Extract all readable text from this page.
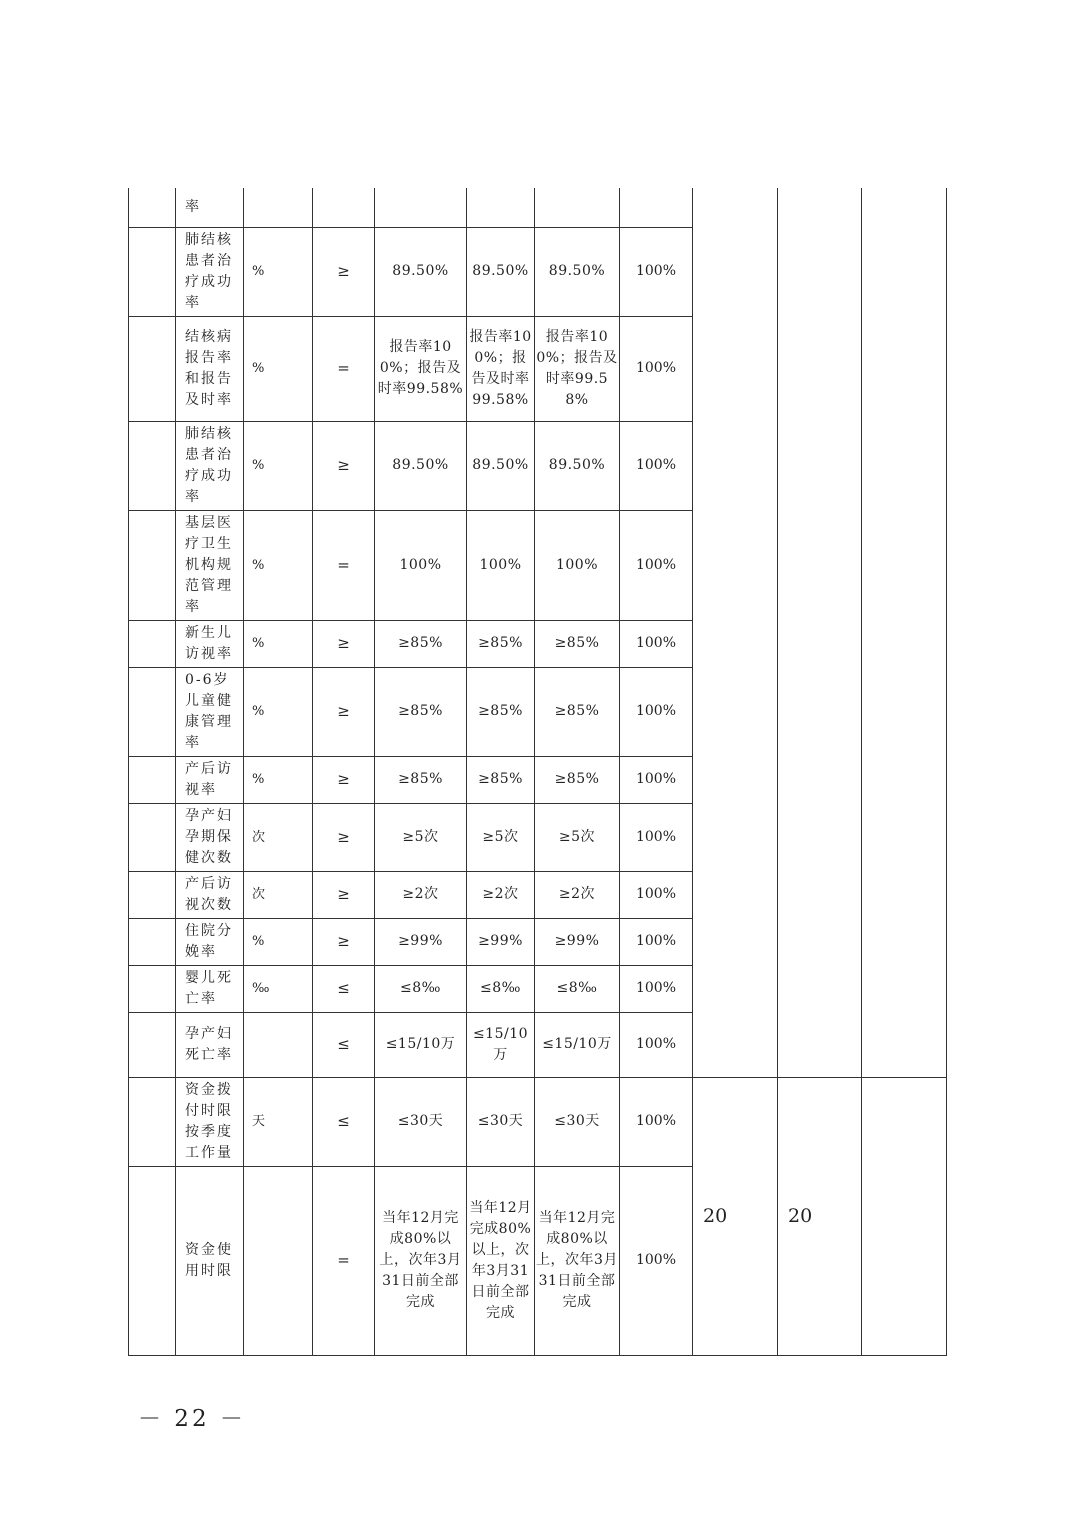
	率									
	肺结核患者治疗成功率	%	≥	89.50%	89.50%	89.50%	100%			
	结核病报告率和报告及时率	%	=	报告率100%；报告及时率99.58%	报告率100%；报告及时率99.58%	报告率100%；报告及时率99.58%	100%			
	肺结核患者治疗成功率	%	≥	89.50%	89.50%	89.50%	100%			
	基层医疗卫生机构规范管理率	%	=	100%	100%	100%	100%			
	新生儿访视率	%	≥	≥85%	≥85%	≥85%	100%			
	0-6岁儿童健康管理率	%	≥	≥85%	≥85%	≥85%	100%			
	产后访视率	%	≥	≥85%	≥85%	≥85%	100%			
	孕产妇孕期保健次数	次	≥	≥5次	≥5次	≥5次	100%			
	产后访视次数	次	≥	≥2次	≥2次	≥2次	100%			
	住院分娩率	%	≥	≥99%	≥99%	≥99%	100%			
	婴儿死亡率	‰	≤	≤8‰	≤8‰	≤8‰	100%			
	孕产妇死亡率		≤	≤15/10万	≤15/10万	≤15/10万	100%			
	资金拨付时限按季度工作量	天	≤	≤30天	≤30天	≤30天	100%	20	20	
	资金使用时限		=	当年12月完成80%以上，次年3月31日前全部完成	当年12月完成80%以上，次年3月31日前全部完成	当年12月完成80%以上，次年3月31日前全部完成	100%			
－ 22 －
